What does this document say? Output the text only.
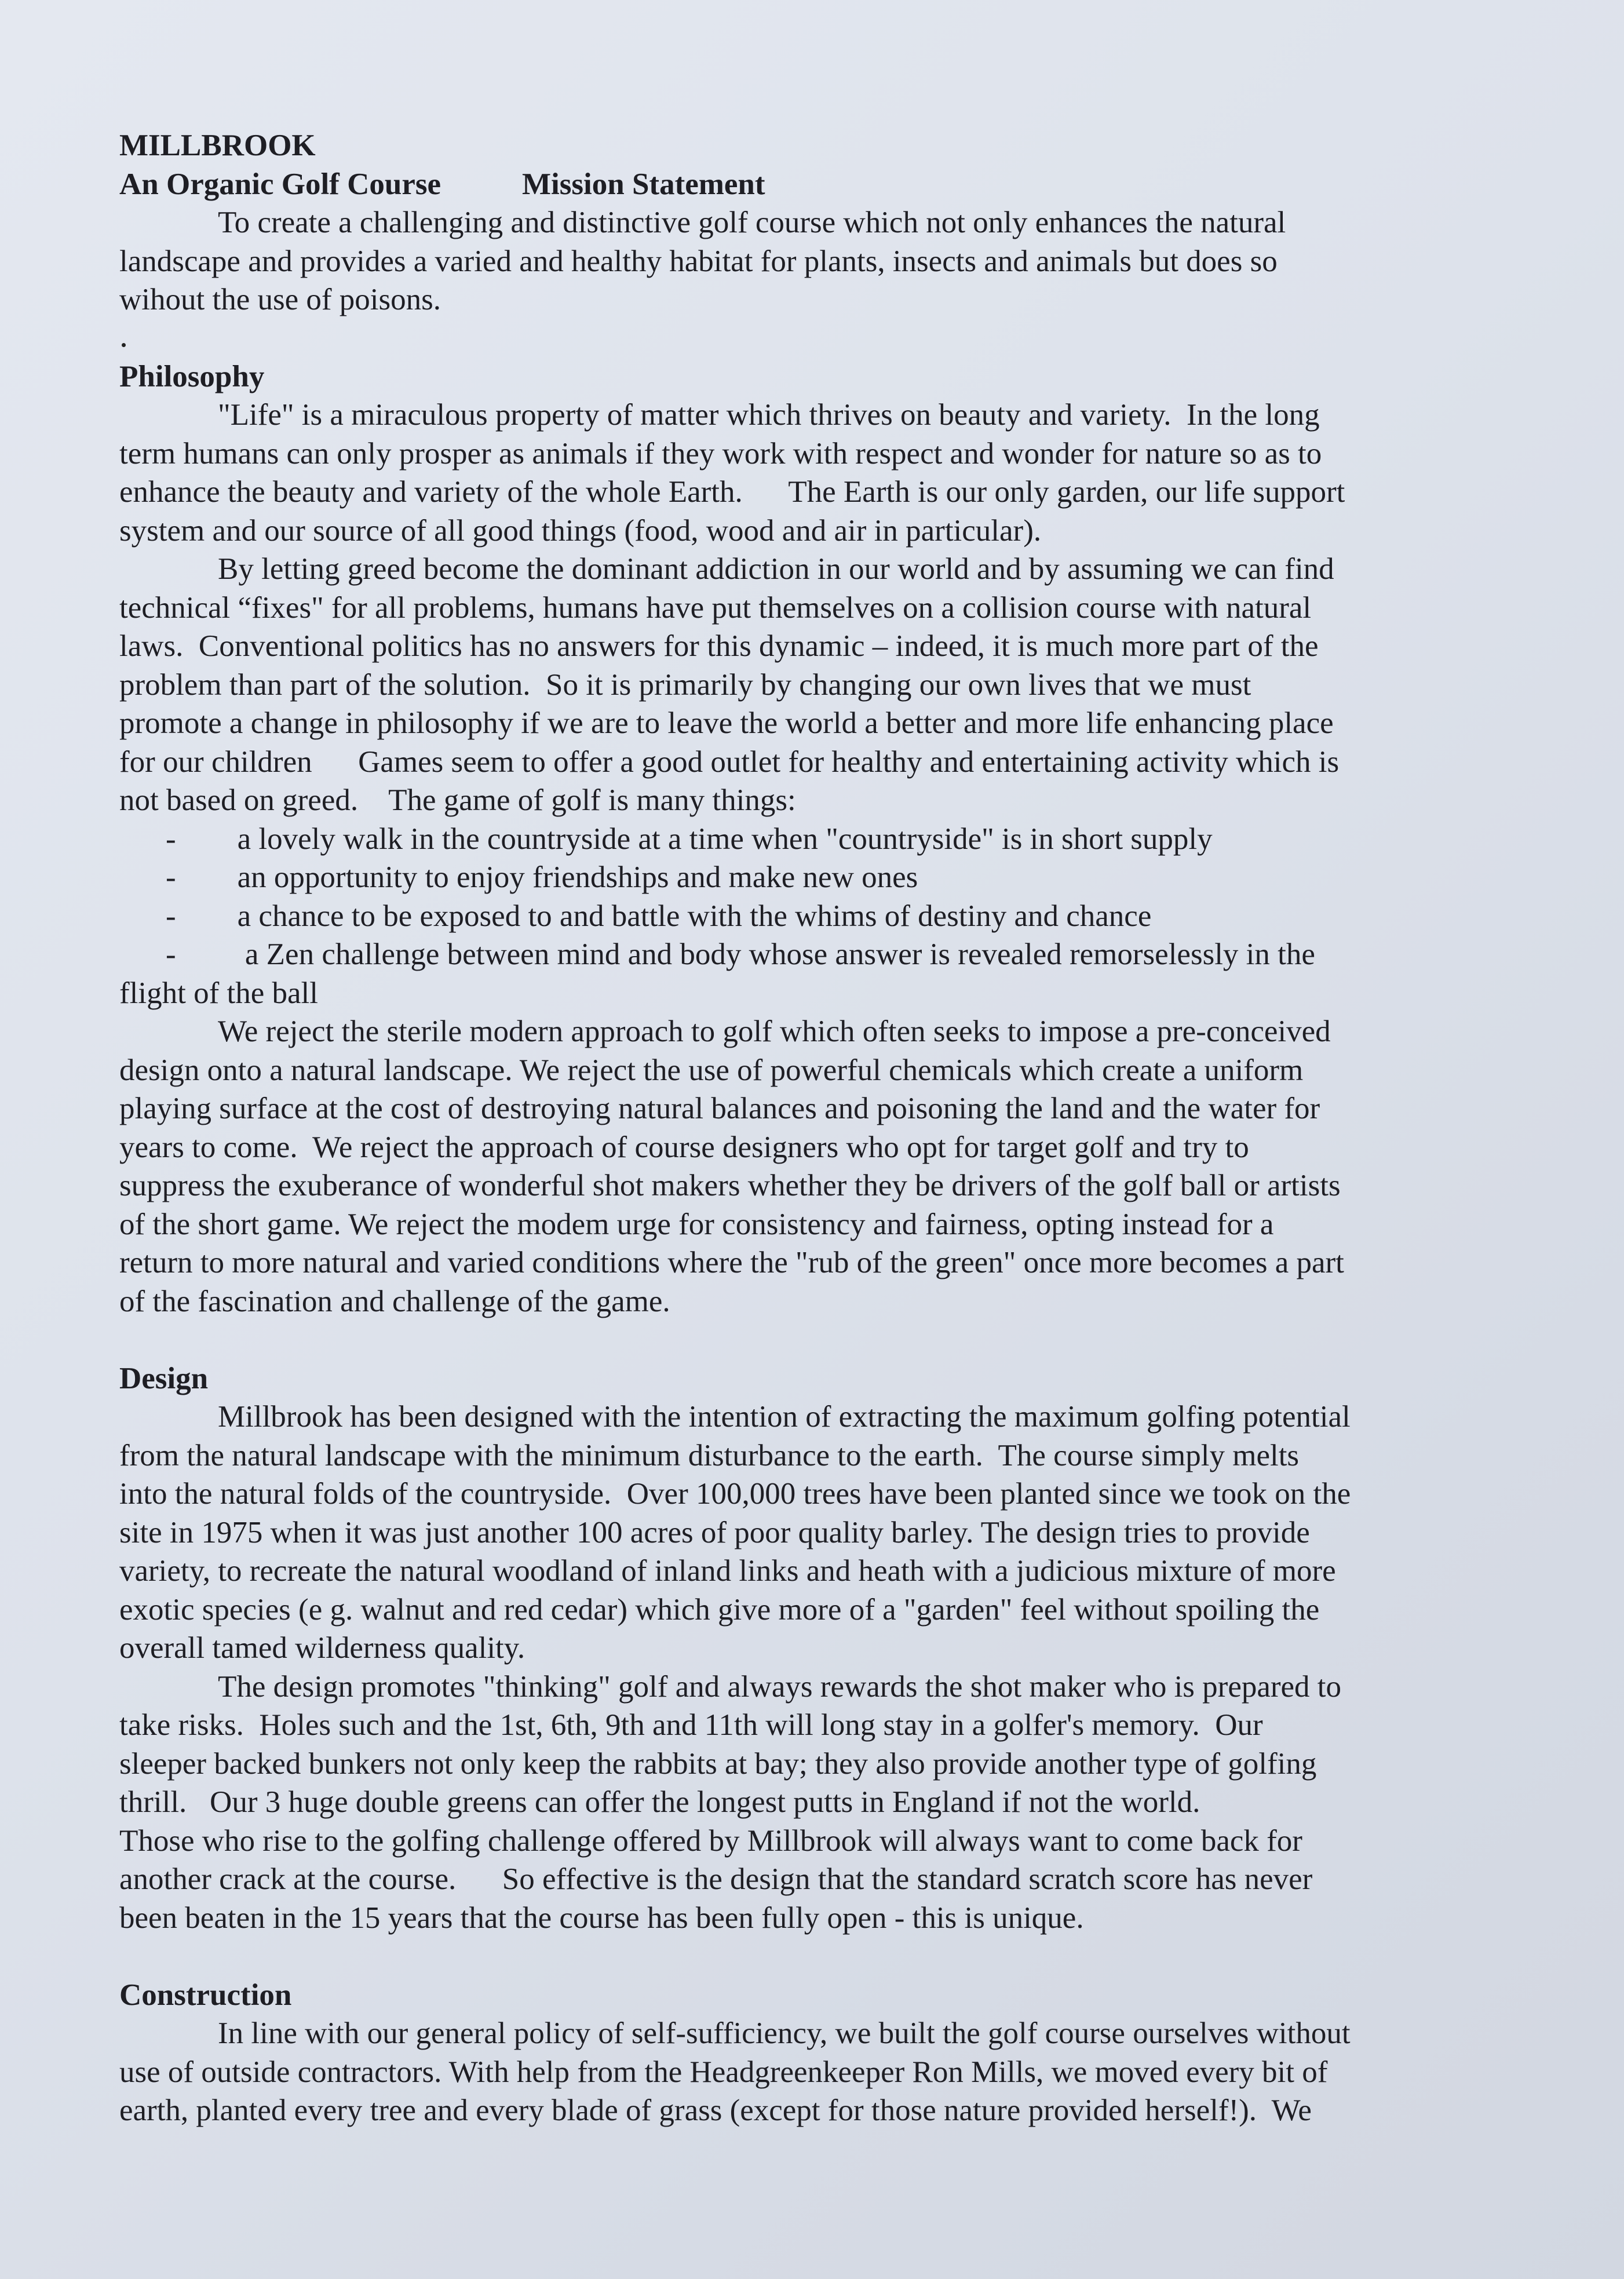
MILLBROOK
An Organic Golf Course	Mission Statement
To create a challenging and distinctive golf course which not only enhances the natural
landscape and provides a varied and healthy habitat for plants, insects and animals but does so
wihout the use of poisons.
Philosophy
"Life" is a miraculous property of matter which thrives on beauty and variety.  In the long
term humans can only prosper as animals if they work with respect and wonder for nature so as to
enhance the beauty and variety of the whole Earth.      The Earth is our only garden, our life support
system and our source of all good things (food, wood and air in particular).
By letting greed become the dominant addiction in our world and by assuming we can find
technical “fixes" for all problems, humans have put themselves on a collision course with natural
laws.  Conventional politics has no answers for this dynamic – indeed, it is much more part of the
problem than part of the solution.  So it is primarily by changing our own lives that we must
promote a change in philosophy if we are to leave the world a better and more life enhancing place
for our children      Games seem to offer a good outlet for healthy and entertaining activity which is
not based on greed.    The game of golf is many things:
-        a lovely walk in the countryside at a time when "countryside" is in short supply
-        an opportunity to enjoy friendships and make new ones
-        a chance to be exposed to and battle with the whims of destiny and chance
-         a Zen challenge between mind and body whose answer is revealed remorselessly in the
flight of the ball
We reject the sterile modern approach to golf which often seeks to impose a pre-conceived
design onto a natural landscape. We reject the use of powerful chemicals which create a uniform
playing surface at the cost of destroying natural balances and poisoning the land and the water for
years to come.  We reject the approach of course designers who opt for target golf and try to
suppress the exuberance of wonderful shot makers whether they be drivers of the golf ball or artists
of the short game. We reject the modem urge for consistency and fairness, opting instead for a
return to more natural and varied conditions where the "rub of the green" once more becomes a part
of the fascination and challenge of the game.
Design
Millbrook has been designed with the intention of extracting the maximum golfing potential
from the natural landscape with the minimum disturbance to the earth.  The course simply melts
into the natural folds of the countryside.  Over 100,000 trees have been planted since we took on the
site in 1975 when it was just another 100 acres of poor quality barley. The design tries to provide
variety, to recreate the natural woodland of inland links and heath with a judicious mixture of more
exotic species (e g. walnut and red cedar) which give more of a "garden" feel without spoiling the
overall tamed wilderness quality.
The design promotes "thinking" golf and always rewards the shot maker who is prepared to
take risks.  Holes such and the 1st, 6th, 9th and 11th will long stay in a golfer's memory.  Our
sleeper backed bunkers not only keep the rabbits at bay; they also provide another type of golfing
thrill.   Our 3 huge double greens can offer the longest putts in England if not the world.
Those who rise to the golfing challenge offered by Millbrook will always want to come back for
another crack at the course.      So effective is the design that the standard scratch score has never
been beaten in the 15 years that the course has been fully open - this is unique.
Construction
In line with our general policy of self-sufficiency, we built the golf course ourselves without
use of outside contractors. With help from the Headgreenkeeper Ron Mills, we moved every bit of
earth, planted every tree and every blade of grass (except for those nature provided herself!).  We
